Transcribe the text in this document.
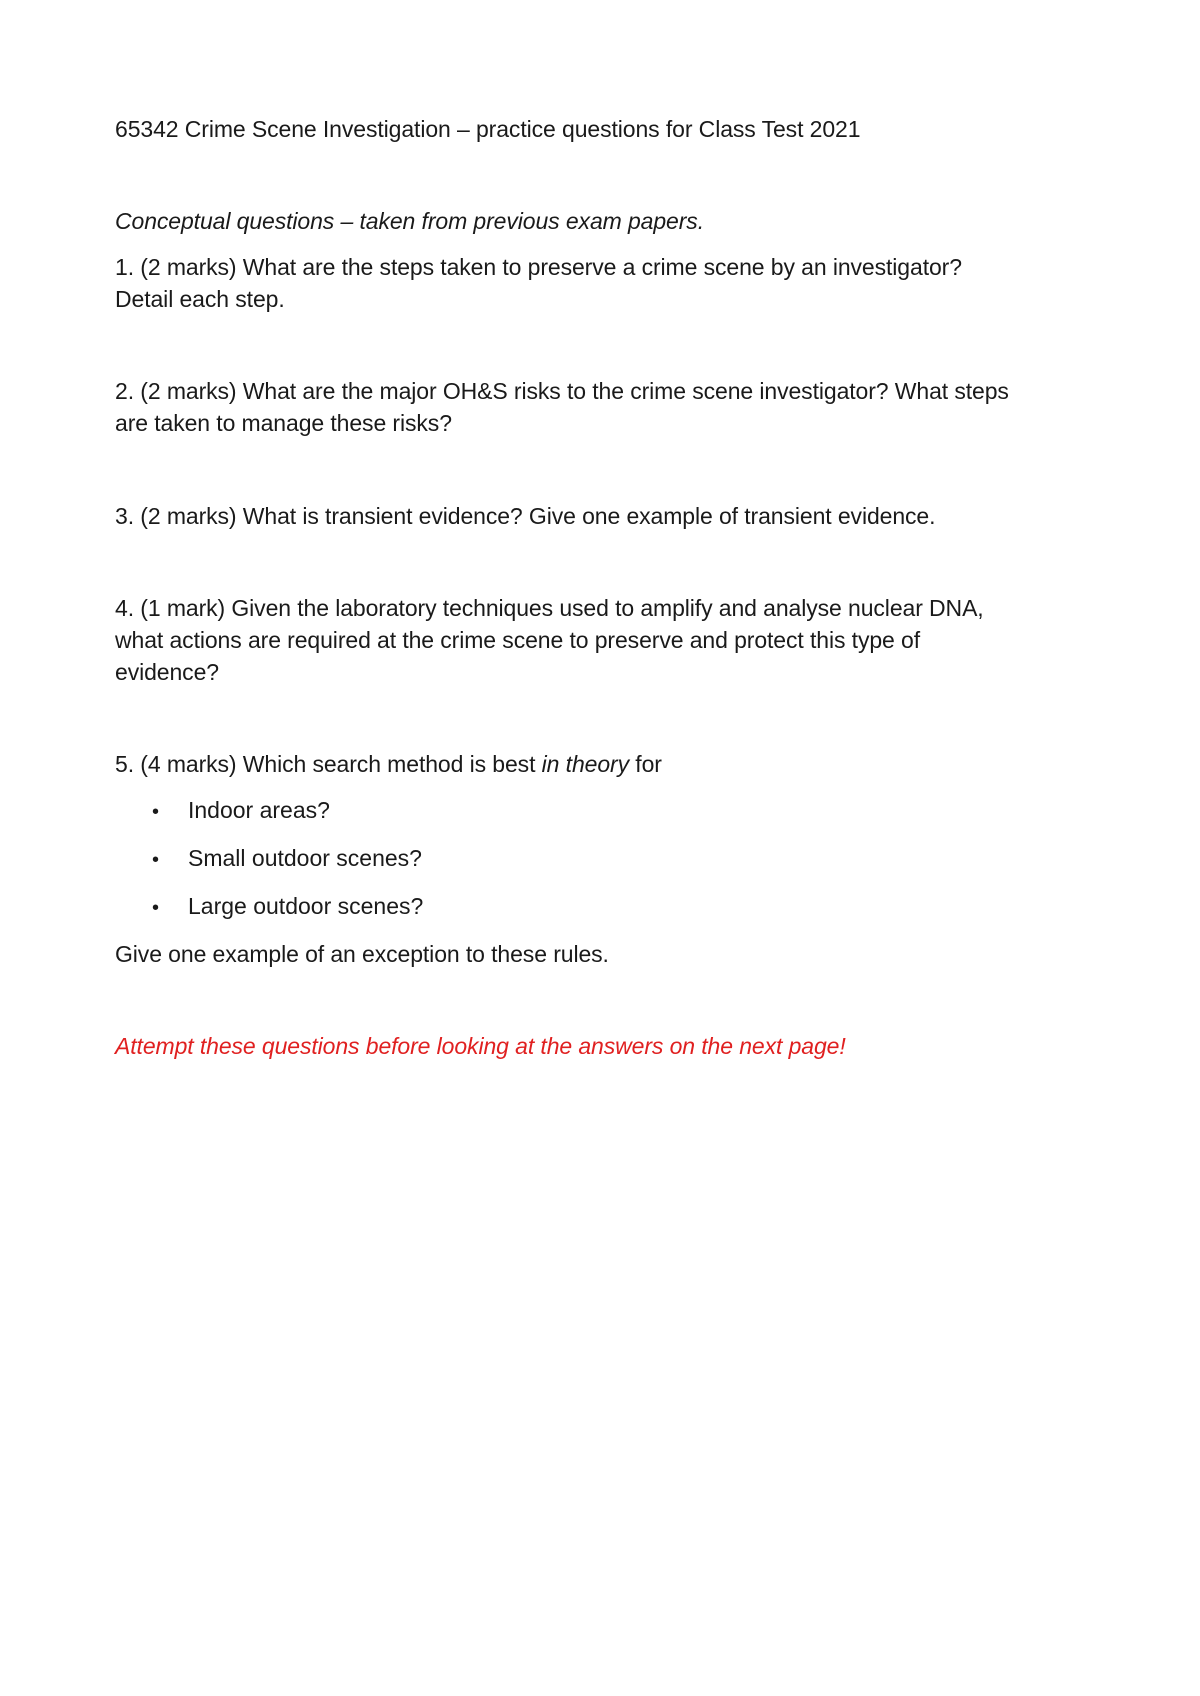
65342 Crime Scene Investigation – practice questions for Class Test 2021
Conceptual questions – taken from previous exam papers.
1. (2 marks) What are the steps taken to preserve a crime scene by an investigator?
Detail each step.
2. (2 marks) What are the major OH&S risks to the crime scene investigator? What steps
are taken to manage these risks?
3. (2 marks) What is transient evidence? Give one example of transient evidence.
4. (1 mark) Given the laboratory techniques used to amplify and analyse nuclear DNA,
what actions are required at the crime scene to preserve and protect this type of
evidence?
5. (4 marks) Which search method is best in theory for
• Indoor areas?
• Small outdoor scenes?
• Large outdoor scenes?
Give one example of an exception to these rules.
Attempt these questions before looking at the answers on the next page!
